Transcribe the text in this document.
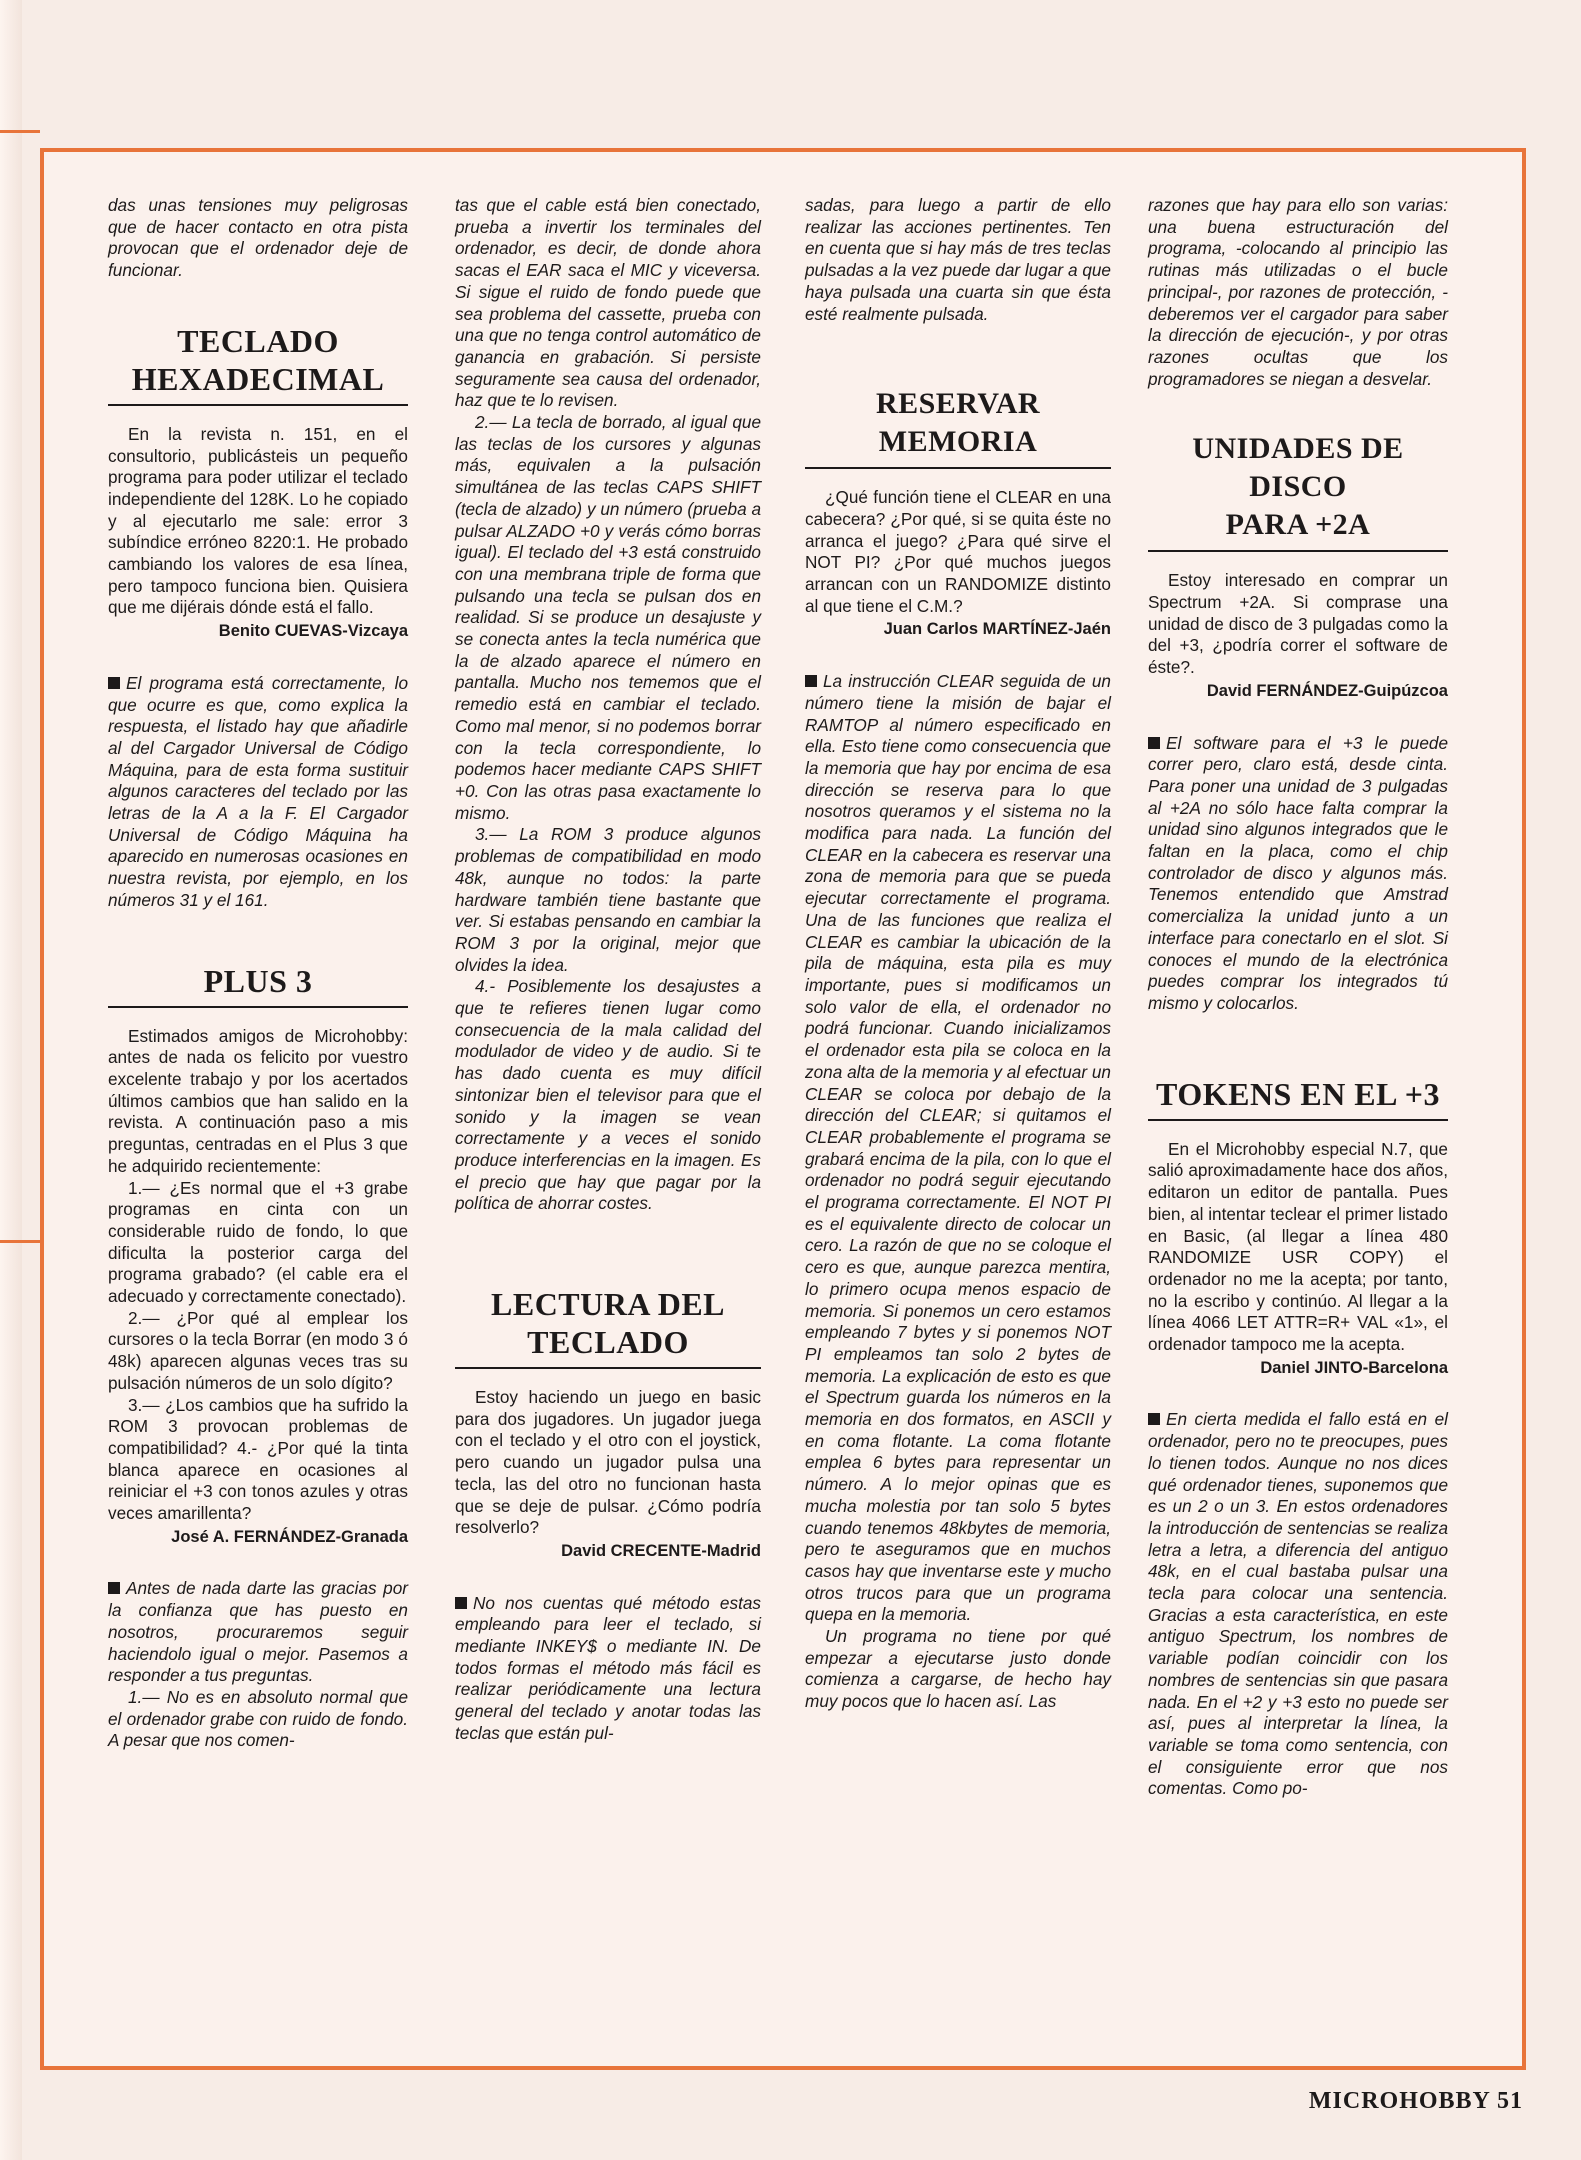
das unas tensiones muy peligrosas que de hacer contacto en otra pista provocan que el ordenador deje de funcionar.

TECLADO
HEXADECIMAL

En la revista n. 151, en el consultorio, publicásteis un pequeño programa para poder utilizar el teclado independiente del 128K. Lo he copiado y al ejecutarlo me sale: error 3 subíndice erróneo 8220:1. He probado cambiando los valores de esa línea, pero tampoco funciona bien. Quisiera que me dijérais dónde está el fallo.

Benito CUEVAS-Vizcaya

El programa está correctamente, lo que ocurre es que, como explica la respuesta, el listado hay que añadirle al del Cargador Universal de Código Máquina, para de esta forma sustituir algunos caracteres del teclado por las letras de la A a la F. El Cargador Universal de Código Máquina ha aparecido en numerosas ocasiones en nuestra revista, por ejemplo, en los números 31 y el 161.

PLUS 3

Estimados amigos de Microhobby: antes de nada os felicito por vuestro excelente trabajo y por los acertados últimos cambios que han salido en la revista. A continuación paso a mis preguntas, centradas en el Plus 3 que he adquirido recientemente:

1.— ¿Es normal que el +3 grabe programas en cinta con un considerable ruido de fondo, lo que dificulta la posterior carga del programa grabado? (el cable era el adecuado y correctamente conectado).

2.— ¿Por qué al emplear los cursores o la tecla Borrar (en modo 3 ó 48k) aparecen algunas veces tras su pulsación números de un solo dígito?

3.— ¿Los cambios que ha sufrido la ROM 3 provocan problemas de compatibilidad? 4.- ¿Por qué la tinta blanca aparece en ocasiones al reiniciar el +3 con tonos azules y otras veces amarillenta?

José A. FERNÁNDEZ-Granada

Antes de nada darte las gracias por la confianza que has puesto en nosotros, procuraremos seguir haciendolo igual o mejor. Pasemos a responder a tus preguntas.

1.— No es en absoluto normal que el ordenador grabe con ruido de fondo. A pesar que nos comen-

tas que el cable está bien conectado, prueba a invertir los terminales del ordenador, es decir, de donde ahora sacas el EAR saca el MIC y viceversa. Si sigue el ruido de fondo puede que sea problema del cassette, prueba con una que no tenga control automático de ganancia en grabación. Si persiste seguramente sea causa del ordenador, haz que te lo revisen.

2.— La tecla de borrado, al igual que las teclas de los cursores y algunas más, equivalen a la pulsación simultánea de las teclas CAPS SHIFT (tecla de alzado) y un número (prueba a pulsar ALZADO +0 y verás cómo borras igual). El teclado del +3 está construido con una membrana triple de forma que pulsando una tecla se pulsan dos en realidad. Si se produce un desajuste y se conecta antes la tecla numérica que la de alzado aparece el número en pantalla. Mucho nos tememos que el remedio está en cambiar el teclado. Como mal menor, si no podemos borrar con la tecla correspondiente, lo podemos hacer mediante CAPS SHIFT +0. Con las otras pasa exactamente lo mismo.

3.— La ROM 3 produce algunos problemas de compatibilidad en modo 48k, aunque no todos: la parte hardware también tiene bastante que ver. Si estabas pensando en cambiar la ROM 3 por la original, mejor que olvides la idea.

4.- Posiblemente los desajustes a que te refieres tienen lugar como consecuencia de la mala calidad del modulador de video y de audio. Si te has dado cuenta es muy difícil sintonizar bien el televisor para que el sonido y la imagen se vean correctamente y a veces el sonido produce interferencias en la imagen. Es el precio que hay que pagar por la política de ahorrar costes.

LECTURA DEL
TECLADO

Estoy haciendo un juego en basic para dos jugadores. Un jugador juega con el teclado y el otro con el joystick, pero cuando un jugador pulsa una tecla, las del otro no funcionan hasta que se deje de pulsar. ¿Cómo podría resolverlo?

David CRECENTE-Madrid

No nos cuentas qué método estas empleando para leer el teclado, si mediante INKEY$ o mediante IN. De todos formas el método más fácil es realizar periódicamente una lectura general del teclado y anotar todas las teclas que están pul-

sadas, para luego a partir de ello realizar las acciones pertinentes. Ten en cuenta que si hay más de tres teclas pulsadas a la vez puede dar lugar a que haya pulsada una cuarta sin que ésta esté realmente pulsada.

RESERVAR MEMORIA

¿Qué función tiene el CLEAR en una cabecera? ¿Por qué, si se quita éste no arranca el juego? ¿Para qué sirve el NOT PI? ¿Por qué muchos juegos arrancan con un RANDOMIZE distinto al que tiene el C.M.?

Juan Carlos MARTÍNEZ-Jaén

La instrucción CLEAR seguida de un número tiene la misión de bajar el RAMTOP al número especificado en ella. Esto tiene como consecuencia que la memoria que hay por encima de esa dirección se reserva para lo que nosotros queramos y el sistema no la modifica para nada. La función del CLEAR en la cabecera es reservar una zona de memoria para que se pueda ejecutar correctamente el programa. Una de las funciones que realiza el CLEAR es cambiar la ubicación de la pila de máquina, esta pila es muy importante, pues si modificamos un solo valor de ella, el ordenador no podrá funcionar. Cuando inicializamos el ordenador esta pila se coloca en la zona alta de la memoria y al efectuar un CLEAR se coloca por debajo de la dirección del CLEAR; si quitamos el CLEAR probablemente el programa se grabará encima de la pila, con lo que el ordenador no podrá seguir ejecutando el programa correctamente. El NOT PI es el equivalente directo de colocar un cero. La razón de que no se coloque el cero es que, aunque parezca mentira, lo primero ocupa menos espacio de memoria. Si ponemos un cero estamos empleando 7 bytes y si ponemos NOT PI empleamos tan solo 2 bytes de memoria. La explicación de esto es que el Spectrum guarda los números en la memoria en dos formatos, en ASCII y en coma flotante. La coma flotante emplea 6 bytes para representar un número. A lo mejor opinas que es mucha molestia por tan solo 5 bytes cuando tenemos 48kbytes de memoria, pero te aseguramos que en muchos casos hay que inventarse este y mucho otros trucos para que un programa quepa en la memoria.

Un programa no tiene por qué empezar a ejecutarse justo donde comienza a cargarse, de hecho hay muy pocos que lo hacen así. Las

razones que hay para ello son varias: una buena estructuración del programa, -colocando al principio las rutinas más utilizadas o el bucle principal-, por razones de protección, -deberemos ver el cargador para saber la dirección de ejecución-, y por otras razones ocultas que los programadores se niegan a desvelar.

UNIDADES DE DISCO
PARA +2A

Estoy interesado en comprar un Spectrum +2A. Si comprase una unidad de disco de 3 pulgadas como la del +3, ¿podría correr el software de éste?.

David FERNÁNDEZ-Guipúzcoa

El software para el +3 le puede correr pero, claro está, desde cinta. Para poner una unidad de 3 pulgadas al +2A no sólo hace falta comprar la unidad sino algunos integrados que le faltan en la placa, como el chip controlador de disco y algunos más. Tenemos entendido que Amstrad comercializa la unidad junto a un interface para conectarlo en el slot. Si conoces el mundo de la electrónica puedes comprar los integrados tú mismo y colocarlos.

TOKENS EN EL +3

En el Microhobby especial N.7, que salió aproximadamente hace dos años, editaron un editor de pantalla. Pues bien, al intentar teclear el primer listado en Basic, (al llegar a línea 480 RANDOMIZE USR COPY) el ordenador no me la acepta; por tanto, no la escribo y continúo. Al llegar a la línea 4066 LET ATTR=R+ VAL «1», el ordenador tampoco me la acepta.

Daniel JINTO-Barcelona

En cierta medida el fallo está en el ordenador, pero no te preocupes, pues lo tienen todos. Aunque no nos dices qué ordenador tienes, suponemos que es un 2 o un 3. En estos ordenadores la introducción de sentencias se realiza letra a letra, a diferencia del antiguo 48k, en el cual bastaba pulsar una tecla para colocar una sentencia. Gracias a esta característica, en este antiguo Spectrum, los nombres de variable podían coincidir con los nombres de sentencias sin que pasara nada. En el +2 y +3 esto no puede ser así, pues al interpretar la línea, la variable se toma como sentencia, con el consiguiente error que nos comentas. Como po-

MICROHOBBY 51
